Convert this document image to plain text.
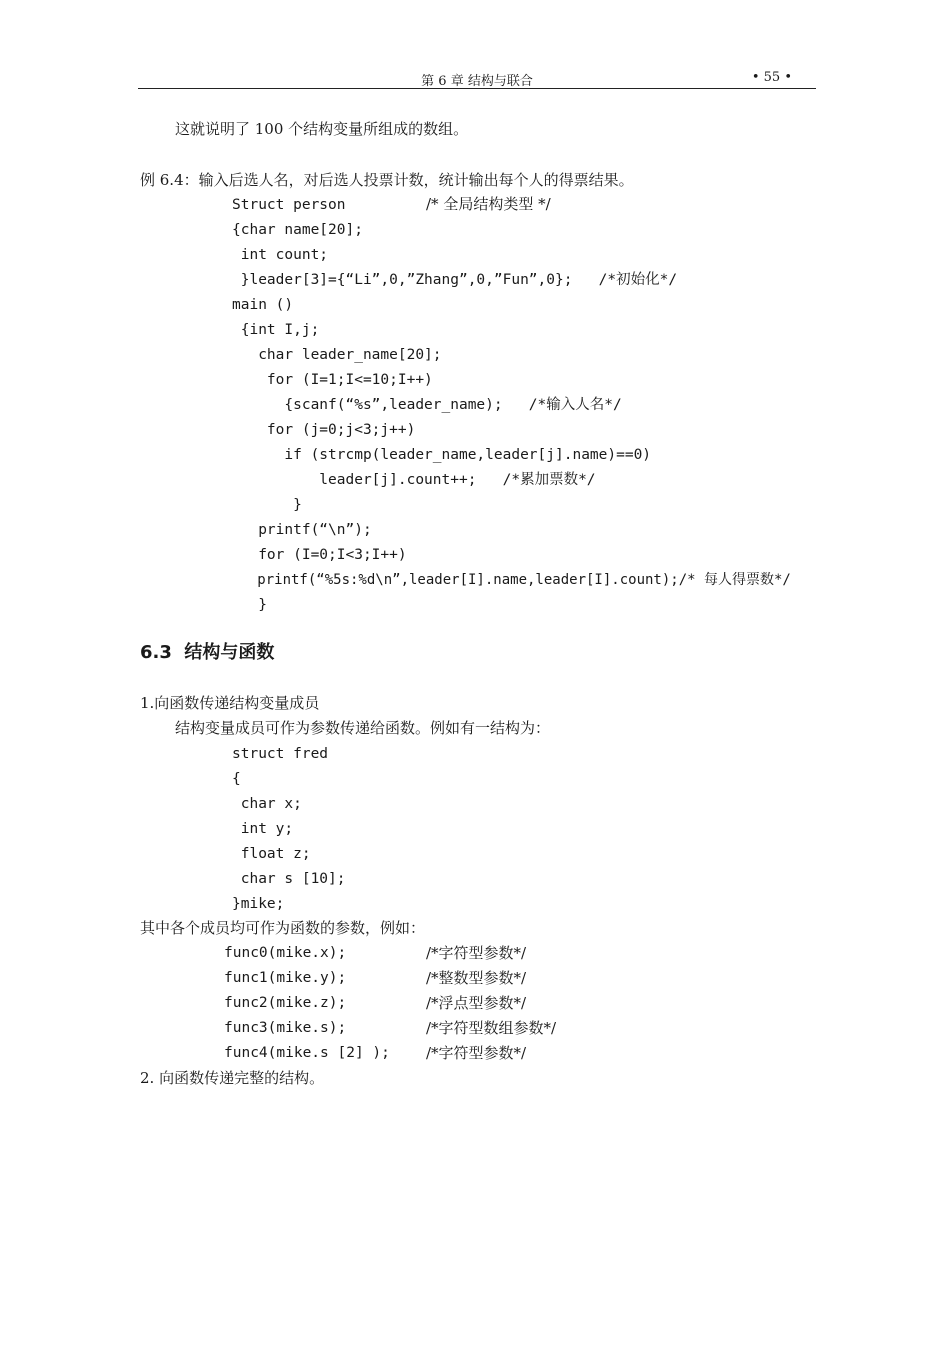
第 6 章 结构与联合	• 55 •
这就说明了 100 个结构变量所组成的数组。
例 6.4：输入后选人名，对后选人投票计数，统计输出每个人的得票结果。
Struct person	/* 全局结构类型 */
{char name[20];
int count;
}leader[3]={“Li”,0,”Zhang”,0,”Fun”,0};   /*初始化*/
main ()
{int I,j;
char leader_name[20];
for (I=1;I<=10;I++)
{scanf(“%s”,leader_name);   /*输入人名*/
for (j=0;j<3;j++)
if (strcmp(leader_name,leader[j].name)==0)
leader[j].count++;   /*累加票数*/
}
printf(“\n”);
for (I=0;I<3;I++)
printf(“%5s:%d\n”,leader[I].name,leader[I].count);/* 每人得票数*/
}
6.3  结构与函数
1.向函数传递结构变量成员
结构变量成员可作为参数传递给函数。例如有一结构为：
struct fred
{
char x;
int y;
float z;
char s [10];
}mike;
其中各个成员均可作为函数的参数，例如：
func0(mike.x);	/*字符型参数*/
func1(mike.y);	/*整数型参数*/
func2(mike.z);	/*浮点型参数*/
func3(mike.s);	/*字符型数组参数*/
func4(mike.s [2] ); /*字符型参数*/
2. 向函数传递完整的结构。
